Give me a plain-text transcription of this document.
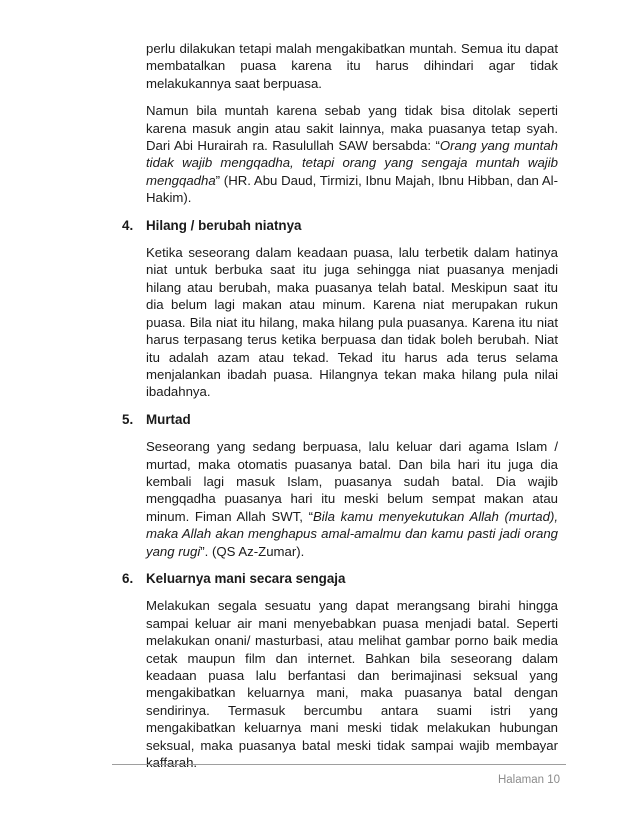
perlu dilakukan tetapi malah mengakibatkan muntah. Semua itu dapat membatalkan puasa karena itu harus dihindari agar tidak melakukannya saat berpuasa.

Namun bila muntah karena sebab yang tidak bisa ditolak seperti karena masuk angin atau sakit lainnya, maka puasanya tetap syah. Dari Abi Hurairah ra. Rasulullah SAW bersabda: “Orang yang muntah tidak wajib mengqadha, tetapi orang yang sengaja muntah wajib mengqadha” (HR. Abu Daud, Tirmizi, Ibnu Majah, Ibnu Hibban, dan Al-Hakim).

4. Hilang / berubah niatnya

Ketika seseorang dalam keadaan puasa, lalu terbetik dalam hatinya niat untuk berbuka saat itu juga sehingga niat puasanya menjadi hilang atau berubah, maka puasanya telah batal. Meskipun saat itu dia belum lagi makan atau minum. Karena niat merupakan rukun puasa. Bila niat itu hilang, maka hilang pula puasanya. Karena itu niat harus terpasang terus ketika berpuasa dan tidak boleh berubah. Niat itu adalah azam atau tekad. Tekad itu harus ada terus selama menjalankan ibadah puasa. Hilangnya tekan maka hilang pula nilai ibadahnya.

5. Murtad

Seseorang yang sedang berpuasa, lalu keluar dari agama Islam / murtad, maka otomatis puasanya batal. Dan bila hari itu juga dia kembali lagi masuk Islam, puasanya sudah batal. Dia wajib mengqadha puasanya hari itu meski belum sempat makan atau minum. Fiman Allah SWT, “Bila kamu menyekutukan Allah (murtad), maka Allah akan menghapus amal-amalmu dan kamu pasti jadi orang yang rugi”. (QS Az-Zumar).

6. Keluarnya mani secara sengaja

Melakukan segala sesuatu yang dapat merangsang birahi hingga sampai keluar air mani menyebabkan puasa menjadi batal. Seperti melakukan onani/ masturbasi, atau melihat gambar porno baik media cetak maupun film dan internet. Bahkan bila seseorang dalam keadaan puasa lalu berfantasi dan berimajinasi seksual yang mengakibatkan keluarnya mani, maka puasanya batal dengan sendirinya. Termasuk bercumbu antara suami istri yang mengakibatkan keluarnya mani meski tidak melakukan hubungan seksual, maka puasanya batal meski tidak sampai wajib membayar kaffarah.

Halaman 10
